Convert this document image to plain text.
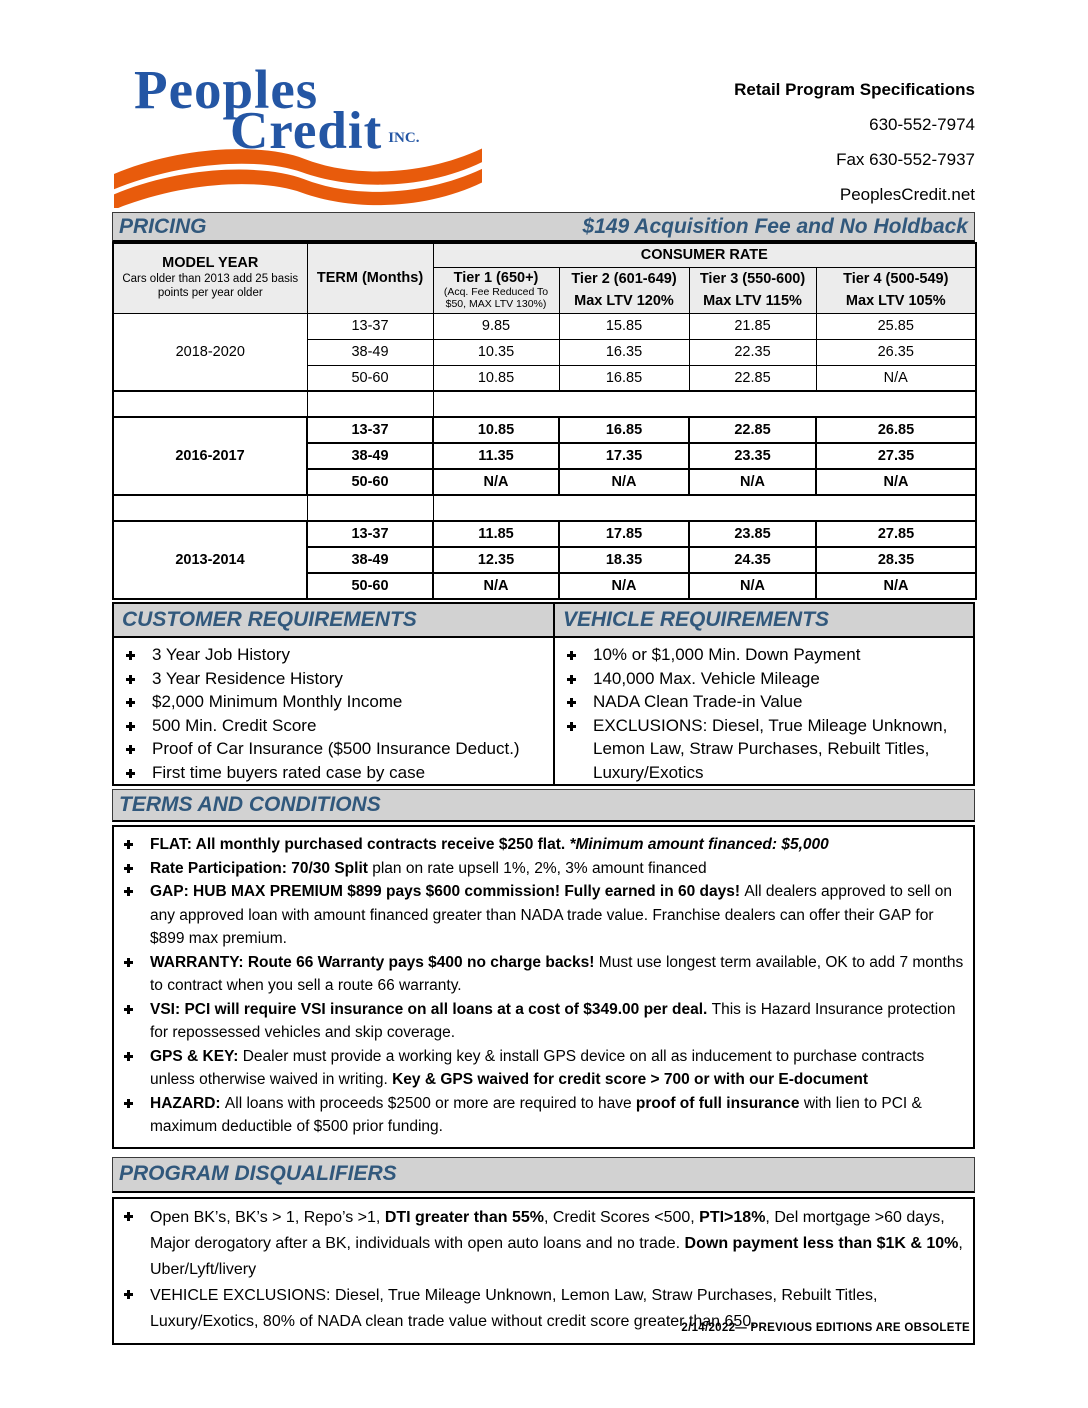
Peoples
Credit INC.
Retail Program Specifications
630-552-7974
Fax 630-552-7937
PeoplesCredit.net
PRICING	$149 Acquisition Fee and No Holdback
MODEL YEAR
Cars older than 2013 add 25 basis points per year older	TERM (Months)	CONSUMER RATE			

Tier 1 (650+)
(Acq. Fee Reduced To $50, MAX LTV 130%)

Tier 2 (601-649)
Max LTV 120%

Tier 3 (550-600)
Max LTV 115%

Tier 4 (500-549)
Max LTV 105%

2018-2020	13-37	9.85	15.85	21.85	25.85
	38-49	10.35	16.35	22.35	26.35
	50-60	10.85	16.85	22.85	N/A

2016-2017	13-37	10.85	16.85	22.85	26.85
	38-49	11.35	17.35	23.35	27.35
	50-60	N/A	N/A	N/A	N/A

2013-2014	13-37	11.85	17.85	23.85	27.85
	38-49	12.35	18.35	24.35	28.35
	50-60	N/A	N/A	N/A	N/A
CUSTOMER REQUIREMENTS	VEHICLE REQUIREMENTS
3 Year Job History
3 Year Residence History
$2,000 Minimum Monthly Income
500 Min. Credit Score
Proof of Car Insurance ($500 Insurance Deduct.)
First time buyers rated case by case
10% or $1,000 Min. Down Payment
140,000 Max. Vehicle Mileage
NADA Clean Trade-in Value
EXCLUSIONS: Diesel, True Mileage Unknown, Lemon Law, Straw Purchases, Rebuilt Titles, Luxury/Exotics
TERMS AND CONDITIONS
FLAT: All monthly purchased contracts receive $250 flat. *Minimum amount financed: $5,000
Rate Participation: 70/30 Split plan on rate upsell 1%, 2%, 3% amount financed
GAP: HUB MAX PREMIUM $899 pays $600 commission! Fully earned in 60 days! All dealers approved to sell on any approved loan with amount financed greater than NADA trade value. Franchise dealers can offer their GAP for $899 max premium.
WARRANTY: Route 66 Warranty pays $400 no charge backs! Must use longest term available, OK to add 7 months to contract when you sell a route 66 warranty.
VSI: PCI will require VSI insurance on all loans at a cost of $349.00 per deal. This is Hazard Insurance protection for repossessed vehicles and skip coverage.
GPS & KEY: Dealer must provide a working key & install GPS device on all as inducement to purchase contracts unless otherwise waived in writing. Key & GPS waived for credit score > 700 or with our E-document
HAZARD: All loans with proceeds $2500 or more are required to have proof of full insurance with lien to PCI & maximum deductible of $500 prior funding.
PROGRAM DISQUALIFIERS
Open BK’s, BK’s > 1, Repo’s >1, DTI greater than 55%, Credit Scores <500, PTI>18%, Del mortgage >60 days, Major derogatory after a BK, individuals with open auto loans and no trade. Down payment less than $1K & 10%, Uber/Lyft/livery
VEHICLE EXCLUSIONS: Diesel, True Mileage Unknown, Lemon Law, Straw Purchases, Rebuilt Titles, Luxury/Exotics, 80% of NADA clean trade value without credit score greater than 650.
2/14/2022— PREVIOUS EDITIONS ARE OBSOLETE
